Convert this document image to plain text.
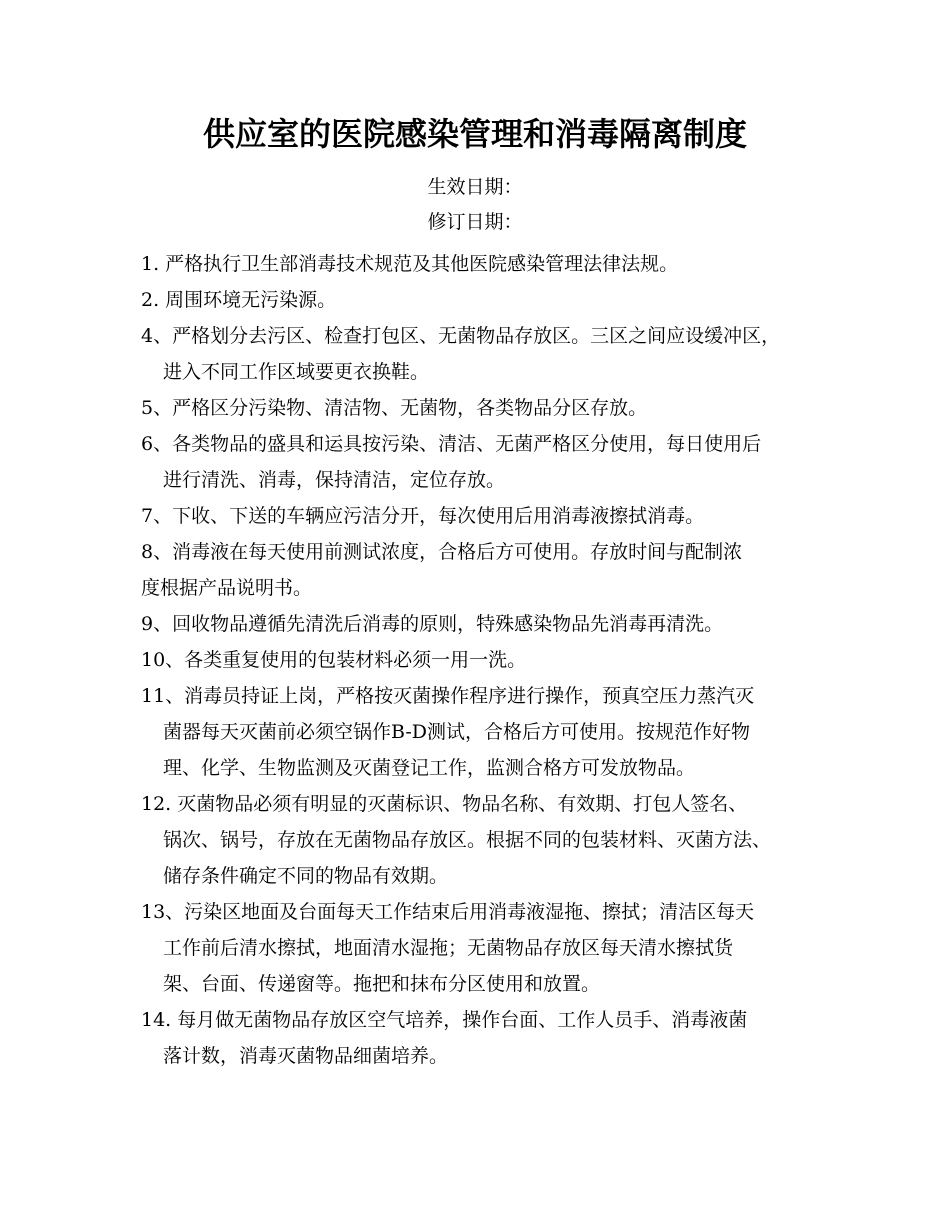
供应室的医院感染管理和消毒隔离制度
生效日期：
修订日期：
1. 严格执行卫生部消毒技术规范及其他医院感染管理法律法规。
2. 周围环境无污染源。
4、严格划分去污区、检查打包区、无菌物品存放区。三区之间应设缓冲区，
进入不同工作区域要更衣换鞋。
5、严格区分污染物、清洁物、无菌物，各类物品分区存放。
6、各类物品的盛具和运具按污染、清洁、无菌严格区分使用，每日使用后
进行清洗、消毒，保持清洁，定位存放。
7、下收、下送的车辆应污洁分开，每次使用后用消毒液擦拭消毒。
8、消毒液在每天使用前测试浓度，合格后方可使用。存放时间与配制浓
度根据产品说明书。
9、回收物品遵循先清洗后消毒的原则，特殊感染物品先消毒再清洗。
10、各类重复使用的包装材料必须一用一洗。
11、消毒员持证上岗，严格按灭菌操作程序进行操作，预真空压力蒸汽灭
菌器每天灭菌前必须空锅作B-D测试，合格后方可使用。按规范作好物
理、化学、生物监测及灭菌登记工作，监测合格方可发放物品。
12. 灭菌物品必须有明显的灭菌标识、物品名称、有效期、打包人签名、
锅次、锅号，存放在无菌物品存放区。根据不同的包装材料、灭菌方法、
储存条件确定不同的物品有效期。
13、污染区地面及台面每天工作结束后用消毒液湿拖、擦拭；清洁区每天
工作前后清水擦拭，地面清水湿拖；无菌物品存放区每天清水擦拭货
架、台面、传递窗等。拖把和抹布分区使用和放置。
14. 每月做无菌物品存放区空气培养，操作台面、工作人员手、消毒液菌
落计数，消毒灭菌物品细菌培养。
